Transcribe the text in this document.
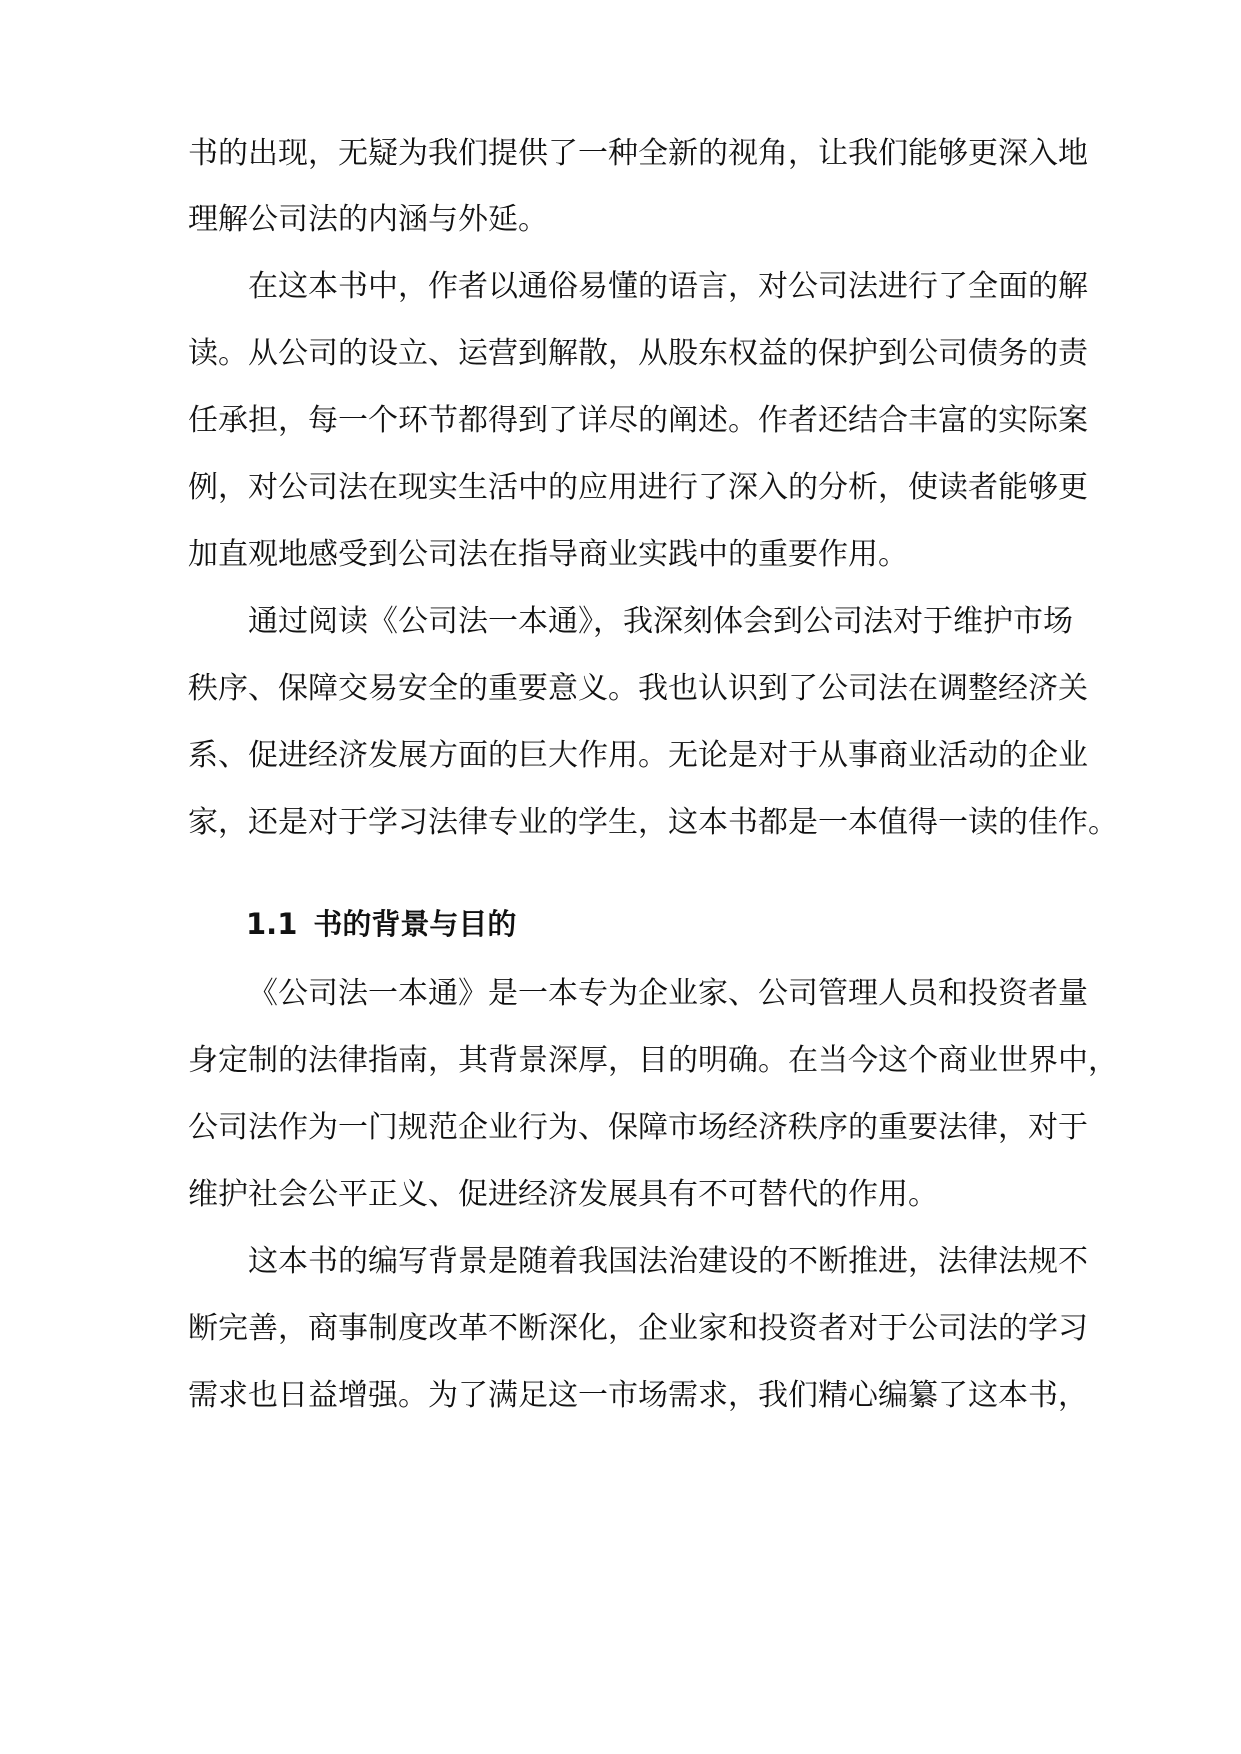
书的出现，无疑为我们提供了一种全新的视角，让我们能够更深入地
理解公司法的内涵与外延。
在这本书中，作者以通俗易懂的语言，对公司法进行了全面的解
读。从公司的设立、运营到解散，从股东权益的保护到公司债务的责
任承担，每一个环节都得到了详尽的阐述。作者还结合丰富的实际案
例，对公司法在现实生活中的应用进行了深入的分析，使读者能够更
加直观地感受到公司法在指导商业实践中的重要作用。
通过阅读《公司法一本通》，我深刻体会到公司法对于维护市场
秩序、保障交易安全的重要意义。我也认识到了公司法在调整经济关
系、促进经济发展方面的巨大作用。无论是对于从事商业活动的企业
家，还是对于学习法律专业的学生，这本书都是一本值得一读的佳作。
1.1 书的背景与目的
《公司法一本通》是一本专为企业家、公司管理人员和投资者量
身定制的法律指南，其背景深厚，目的明确。在当今这个商业世界中，
公司法作为一门规范企业行为、保障市场经济秩序的重要法律，对于
维护社会公平正义、促进经济发展具有不可替代的作用。
这本书的编写背景是随着我国法治建设的不断推进，法律法规不
断完善，商事制度改革不断深化，企业家和投资者对于公司法的学习
需求也日益增强。为了满足这一市场需求，我们精心编纂了这本书，
